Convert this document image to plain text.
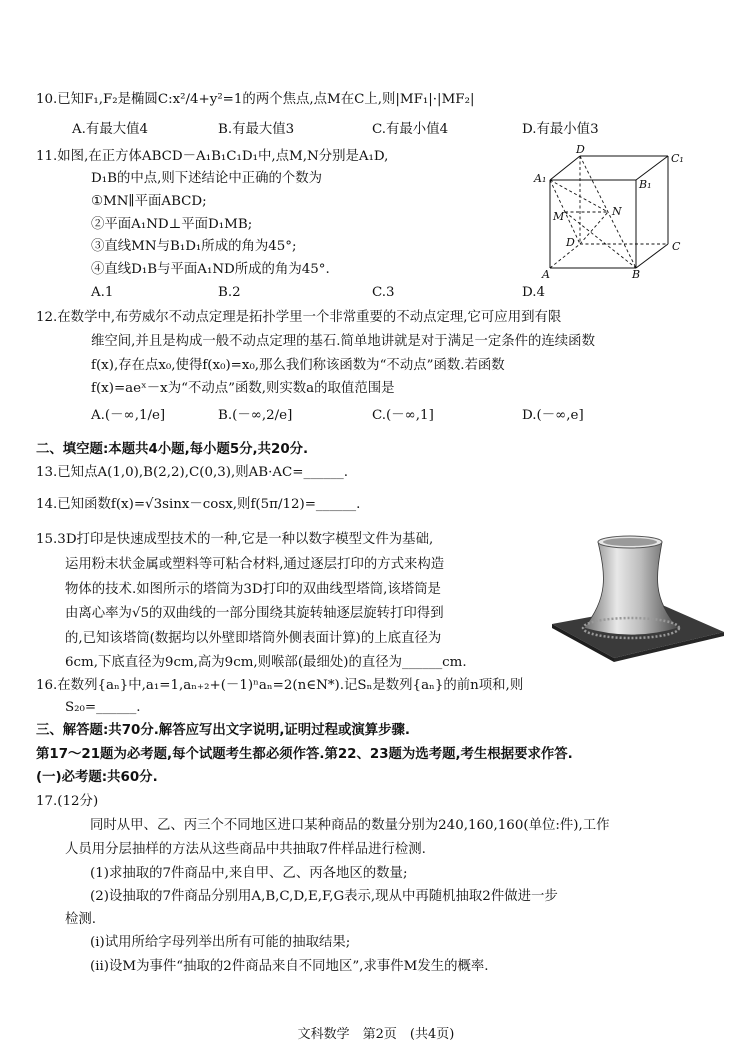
10.已知F₁,F₂是椭圆C:x²/4+y²=1的两个焦点,点M在C上,则|MF₁|·|MF₂|
A.有最大值4	B.有最大值3	C.有最小值4	D.有最小值3
11.如图,在正方体ABCD－A₁B₁C₁D₁中,点M,N分别是A₁D,
D₁B的中点,则下述结论中正确的个数为
①MN∥平面ABCD;
②平面A₁ND⊥平面D₁MB;
③直线MN与B₁D₁所成的角为45°;
④直线D₁B与平面A₁ND所成的角为45°.
A.1	B.2	C.3	D.4
D
C₁
A₁	B₁
M	N
D	C
A	B
12.在数学中,布劳威尔不动点定理是拓扑学里一个非常重要的不动点定理,它可应用到有限
维空间,并且是构成一般不动点定理的基石.简单地讲就是对于满足一定条件的连续函数
f(x),存在点x₀,使得f(x₀)=x₀,那么我们称该函数为“不动点”函数.若函数
f(x)=aeˣ－x为“不动点”函数,则实数a的取值范围是
A.(－∞,1/e]	B.(－∞,2/e]	C.(－∞,1]	D.(－∞,e]
二、填空题:本题共4小题,每小题5分,共20分.
13.已知点A(1,0),B(2,2),C(0,3),则AB·AC=______.
14.已知函数f(x)=√3sinx－cosx,则f(5π/12)=______.
15.3D打印是快速成型技术的一种,它是一种以数字模型文件为基础,
运用粉末状金属或塑料等可粘合材料,通过逐层打印的方式来构造
物体的技术.如图所示的塔筒为3D打印的双曲线型塔筒,该塔筒是
由离心率为√5的双曲线的一部分围绕其旋转轴逐层旋转打印得到
的,已知该塔筒(数据均以外壁即塔筒外侧表面计算)的上底直径为
6cm,下底直径为9cm,高为9cm,则喉部(最细处)的直径为______cm.
16.在数列{aₙ}中,a₁=1,aₙ₊₂+(－1)ⁿaₙ=2(n∈N*).记Sₙ是数列{aₙ}的前n项和,则
S₂₀=______.
三、解答题:共70分.解答应写出文字说明,证明过程或演算步骤.
第17～21题为必考题,每个试题考生都必须作答.第22、23题为选考题,考生根据要求作答.
(一)必考题:共60分.
17.(12分)
同时从甲、乙、丙三个不同地区进口某种商品的数量分别为240,160,160(单位:件),工作
人员用分层抽样的方法从这些商品中共抽取7件样品进行检测.
(1)求抽取的7件商品中,来自甲、乙、丙各地区的数量;
(2)设抽取的7件商品分别用A,B,C,D,E,F,G表示,现从中再随机抽取2件做进一步
检测.
(i)试用所给字母列举出所有可能的抽取结果;
(ii)设M为事件“抽取的2件商品来自不同地区”,求事件M发生的概率.
文科数学　第2页　(共4页)
